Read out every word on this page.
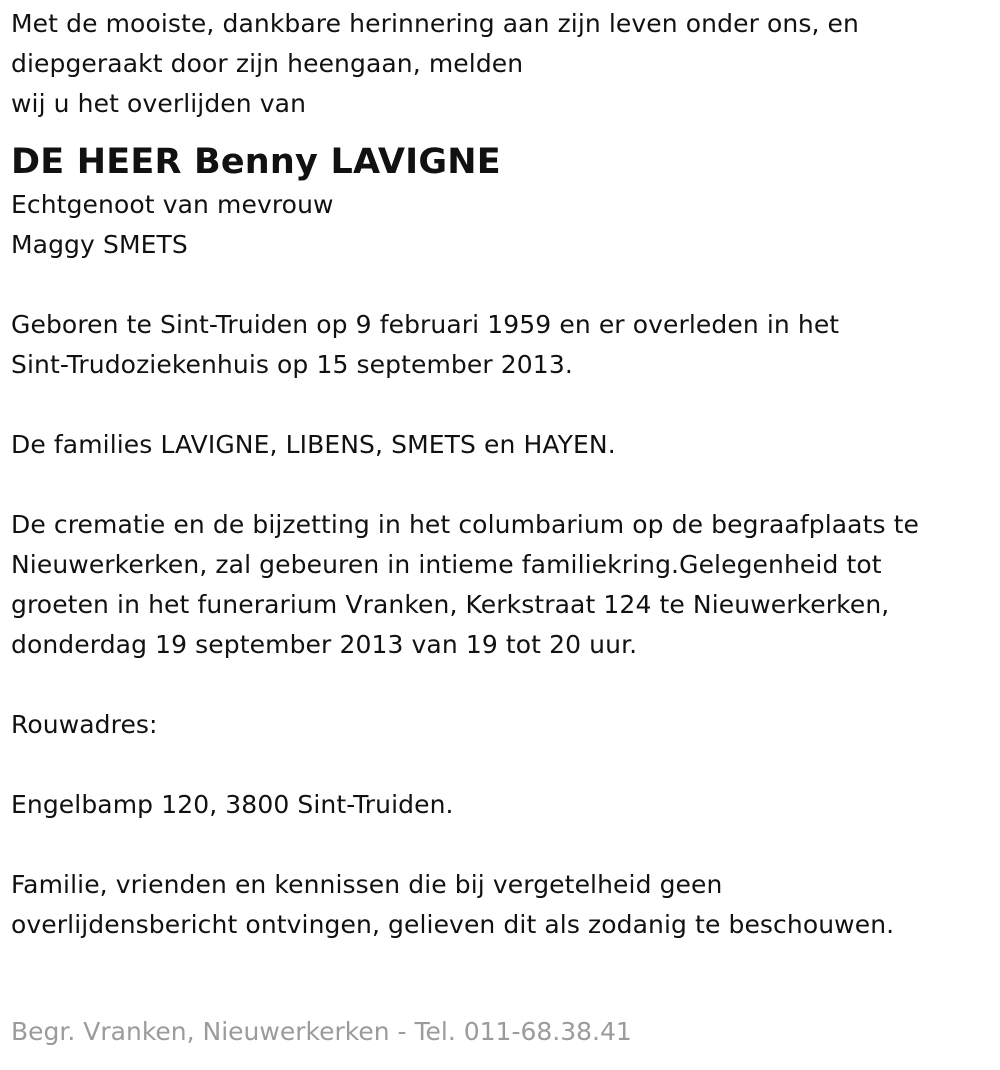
Met de mooiste, dankbare herinnering aan zijn leven onder ons, en
diepgeraakt door zijn heengaan, melden
wij u het overlijden van
DE HEER Benny LAVIGNE
Echtgenoot van mevrouw
Maggy SMETS
Geboren te Sint-Truiden op 9 februari 1959 en er overleden in het
Sint-Trudoziekenhuis op 15 september 2013.
De families LAVIGNE, LIBENS, SMETS en HAYEN.
De crematie en de bijzetting in het columbarium op de begraafplaats te
Nieuwerkerken, zal gebeuren in intieme familiekring.Gelegenheid tot
groeten in het funerarium Vranken, Kerkstraat 124 te Nieuwerkerken,
donderdag 19 september 2013 van 19 tot 20 uur.
Rouwadres:
Engelbamp 120, 3800 Sint-Truiden.
Familie, vrienden en kennissen die bij vergetelheid geen
overlijdensbericht ontvingen, gelieven dit als zodanig te beschouwen.
Begr. Vranken, Nieuwerkerken - Tel. 011-68.38.41
